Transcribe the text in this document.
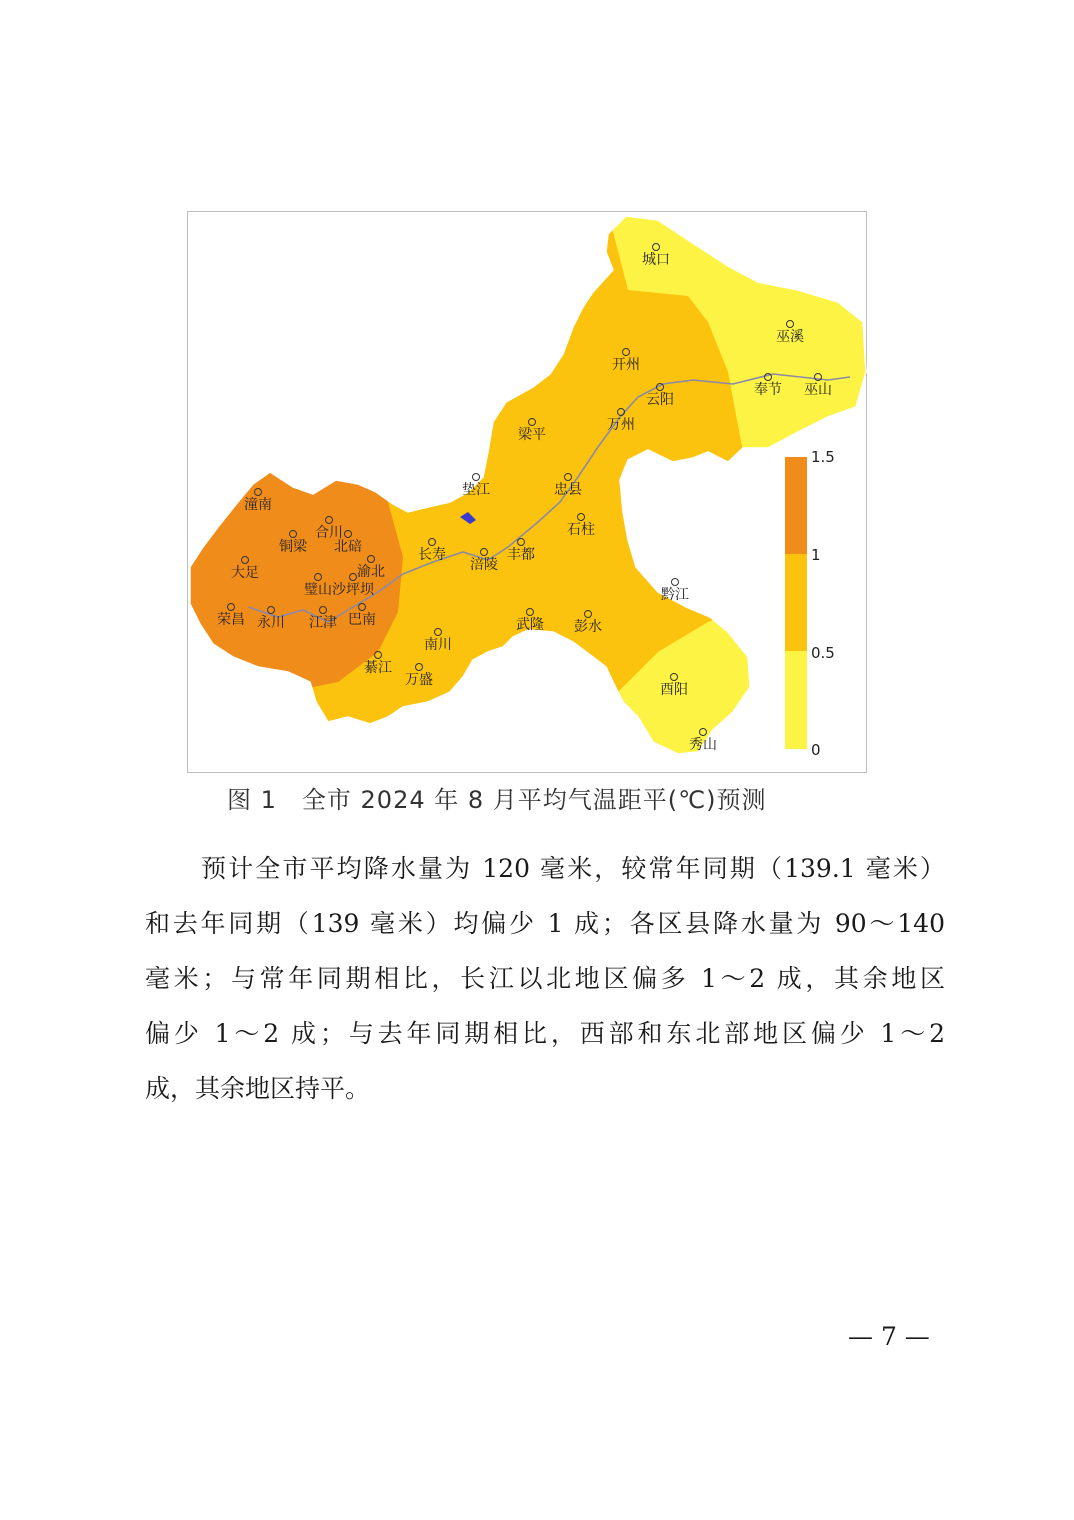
城口
巫溪
开州
奉节 巫山
云阳
万州
梁平
垫江	忠县
石柱
潼南
合川
铜梁 北碚
渝北
长寿	丰都
大足
璧山 沙坪坝
涪陵
荣昌 永川	巴南
江津
黔江
武隆 彭水
南川
綦江
万盛
酉阳
秀山
1.5
1
0.5
0
图 1　全市 2024 年 8 月平均气温距平(℃)预测
预计全市平均降水量为 120 毫米，较常年同期（139.1 毫米）
和去年同期（139 毫米）均偏少 1 成；各区县降水量为 90～140
毫米；与常年同期相比，长江以北地区偏多 1～2 成，其余地区
偏少 1～2 成；与去年同期相比，西部和东北部地区偏少 1～2
成，其余地区持平。
— 7 —
